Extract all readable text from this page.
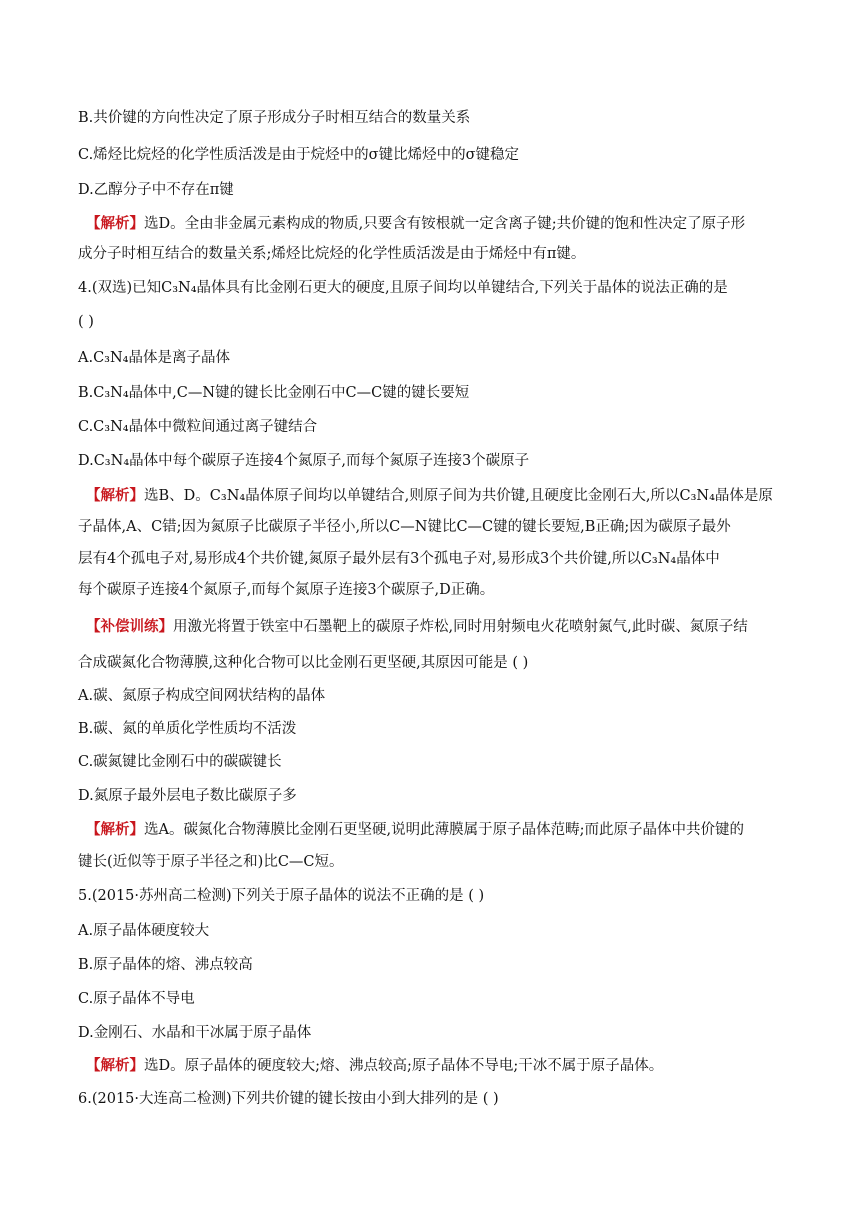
B.共价键的方向性决定了原子形成分子时相互结合的数量关系
C.烯烃比烷烃的化学性质活泼是由于烷烃中的σ键比烯烃中的σ键稳定
D.乙醇分子中不存在π键
【解析】选D。全由非金属元素构成的物质,只要含有铵根就一定含离子键;共价键的饱和性决定了原子形
成分子时相互结合的数量关系;烯烃比烷烃的化学性质活泼是由于烯烃中有π键。
4.(双选)已知C₃N₄晶体具有比金刚石更大的硬度,且原子间均以单键结合,下列关于晶体的说法正确的是
( )
A.C₃N₄晶体是离子晶体
B.C₃N₄晶体中,C—N键的键长比金刚石中C—C键的键长要短
C.C₃N₄晶体中微粒间通过离子键结合
D.C₃N₄晶体中每个碳原子连接4个氮原子,而每个氮原子连接3个碳原子
【解析】选B、D。C₃N₄晶体原子间均以单键结合,则原子间为共价键,且硬度比金刚石大,所以C₃N₄晶体是原
子晶体,A、C错;因为氮原子比碳原子半径小,所以C—N键比C—C键的键长要短,B正确;因为碳原子最外
层有4个孤电子对,易形成4个共价键,氮原子最外层有3个孤电子对,易形成3个共价键,所以C₃N₄晶体中
每个碳原子连接4个氮原子,而每个氮原子连接3个碳原子,D正确。
【补偿训练】用激光将置于铁室中石墨靶上的碳原子炸松,同时用射频电火花喷射氮气,此时碳、氮原子结
合成碳氮化合物薄膜,这种化合物可以比金刚石更坚硬,其原因可能是 ( )
A.碳、氮原子构成空间网状结构的晶体
B.碳、氮的单质化学性质均不活泼
C.碳氮键比金刚石中的碳碳键长
D.氮原子最外层电子数比碳原子多
【解析】选A。碳氮化合物薄膜比金刚石更坚硬,说明此薄膜属于原子晶体范畴;而此原子晶体中共价键的
键长(近似等于原子半径之和)比C—C短。
5.(2015·苏州高二检测)下列关于原子晶体的说法不正确的是 ( )
A.原子晶体硬度较大
B.原子晶体的熔、沸点较高
C.原子晶体不导电
D.金刚石、水晶和干冰属于原子晶体
【解析】选D。原子晶体的硬度较大;熔、沸点较高;原子晶体不导电;干冰不属于原子晶体。
6.(2015·大连高二检测)下列共价键的键长按由小到大排列的是 ( )
